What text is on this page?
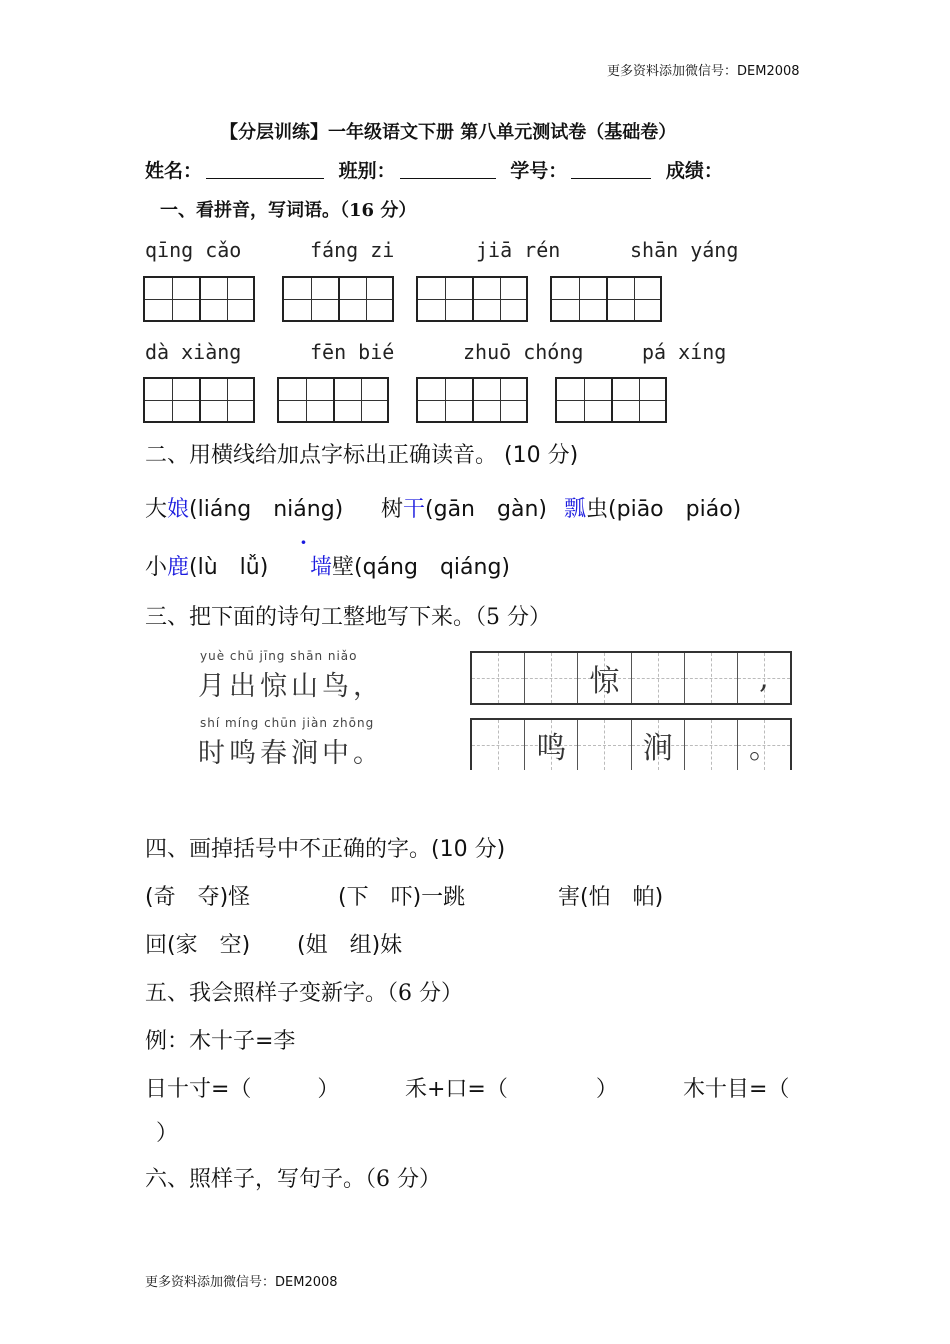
更多资料添加微信号：DEM2008
【分层训练】一年级语文下册 第八单元测试卷（基础卷）
姓名：	班别：	学号：	成绩：
一、看拼音，写词语。（16 分）
qīng cǎo	fáng zi	jiā rén	shān yáng
dà xiàng	fēn bié	zhuō chóng	pá xíng
二、用横线给加点字标出正确读音。 (10 分)
大娘(liáng　niáng) 树干(gān　gàn) 瓢虫(piāo　piáo)
小鹿(lù　lǚ)
·
墙壁(qáng　qiáng)
三、把下面的诗句工整地写下来。（5 分）
yuè chū jīng shān niǎo
月出惊山鸟，
shí míng chūn jiàn zhōng
时鸣春涧中。
惊	,
鸣	涧	。
四、画掉括号中不正确的字。(10 分)
(奇　夺)怪	(下　吓)一跳	害(怕　帕)
回(家　空) (姐　组)妹
五、我会照样子变新字。（6 分）
例：木十子=李
日十寸=（　　　）	禾+口=（　　　　）	木十目=（
）
六、照样子，写句子。（6 分）
更多资料添加微信号：DEM2008
